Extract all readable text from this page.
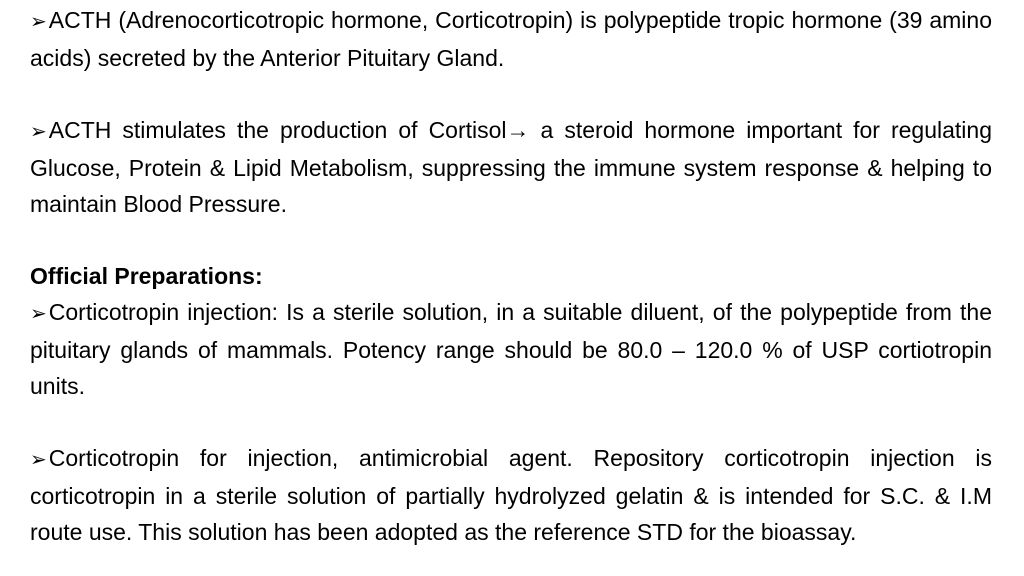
➢ACTH (Adrenocorticotropic hormone, Corticotropin) is polypeptide tropic hormone (39 amino acids) secreted by the Anterior Pituitary Gland.

➢ACTH stimulates the production of Cortisol→ a steroid hormone important for regulating Glucose, Protein & Lipid Metabolism, suppressing the immune system response & helping to maintain Blood Pressure.

Official Preparations:

➢Corticotropin injection: Is a sterile solution, in a suitable diluent, of the polypeptide from the pituitary glands of mammals. Potency range should be 80.0 – 120.0 % of USP cortiotropin units.

➢Corticotropin for injection, antimicrobial agent. Repository corticotropin injection is corticotropin in a sterile solution of partially hydrolyzed gelatin & is intended for S.C. & I.M route use. This solution has been adopted as the reference STD for the bioassay.
